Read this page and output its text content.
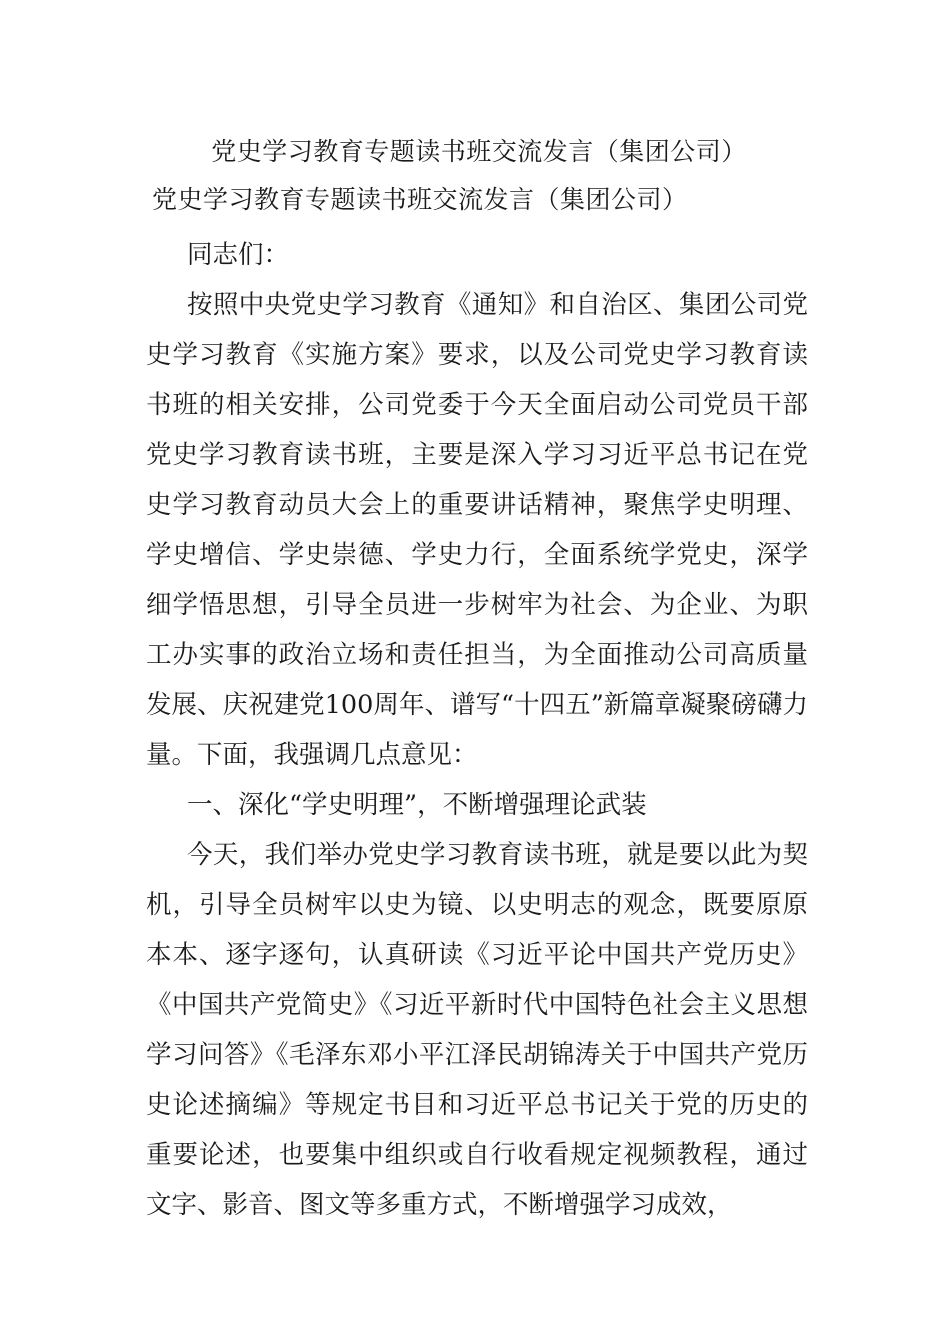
党史学习教育专题读书班交流发言（集团公司）
党史学习教育专题读书班交流发言（集团公司）

同志们：

按照中央党史学习教育《通知》和自治区、集团公司党史学习教育《实施方案》要求，以及公司党史学习教育读书班的相关安排，公司党委于今天全面启动公司党员干部党史学习教育读书班，主要是深入学习习近平总书记在党史学习教育动员大会上的重要讲话精神，聚焦学史明理、学史增信、学史崇德、学史力行，全面系统学党史，深学细学悟思想，引导全员进一步树牢为社会、为企业、为职工办实事的政治立场和责任担当，为全面推动公司高质量发展、庆祝建党100周年、谱写“十四五”新篇章凝聚磅礴力量。下面，我强调几点意见：

一、深化“学史明理”，不断增强理论武装

今天，我们举办党史学习教育读书班，就是要以此为契机，引导全员树牢以史为镜、以史明志的观念，既要原原本本、逐字逐句，认真研读《习近平论中国共产党历史》《中国共产党简史》《习近平新时代中国特色社会主义思想学习问答》《毛泽东邓小平江泽民胡锦涛关于中国共产党历史论述摘编》等规定书目和习近平总书记关于党的历史的重要论述，也要集中组织或自行收看规定视频教程，通过文字、影音、图文等多重方式，不断增强学习成效，
